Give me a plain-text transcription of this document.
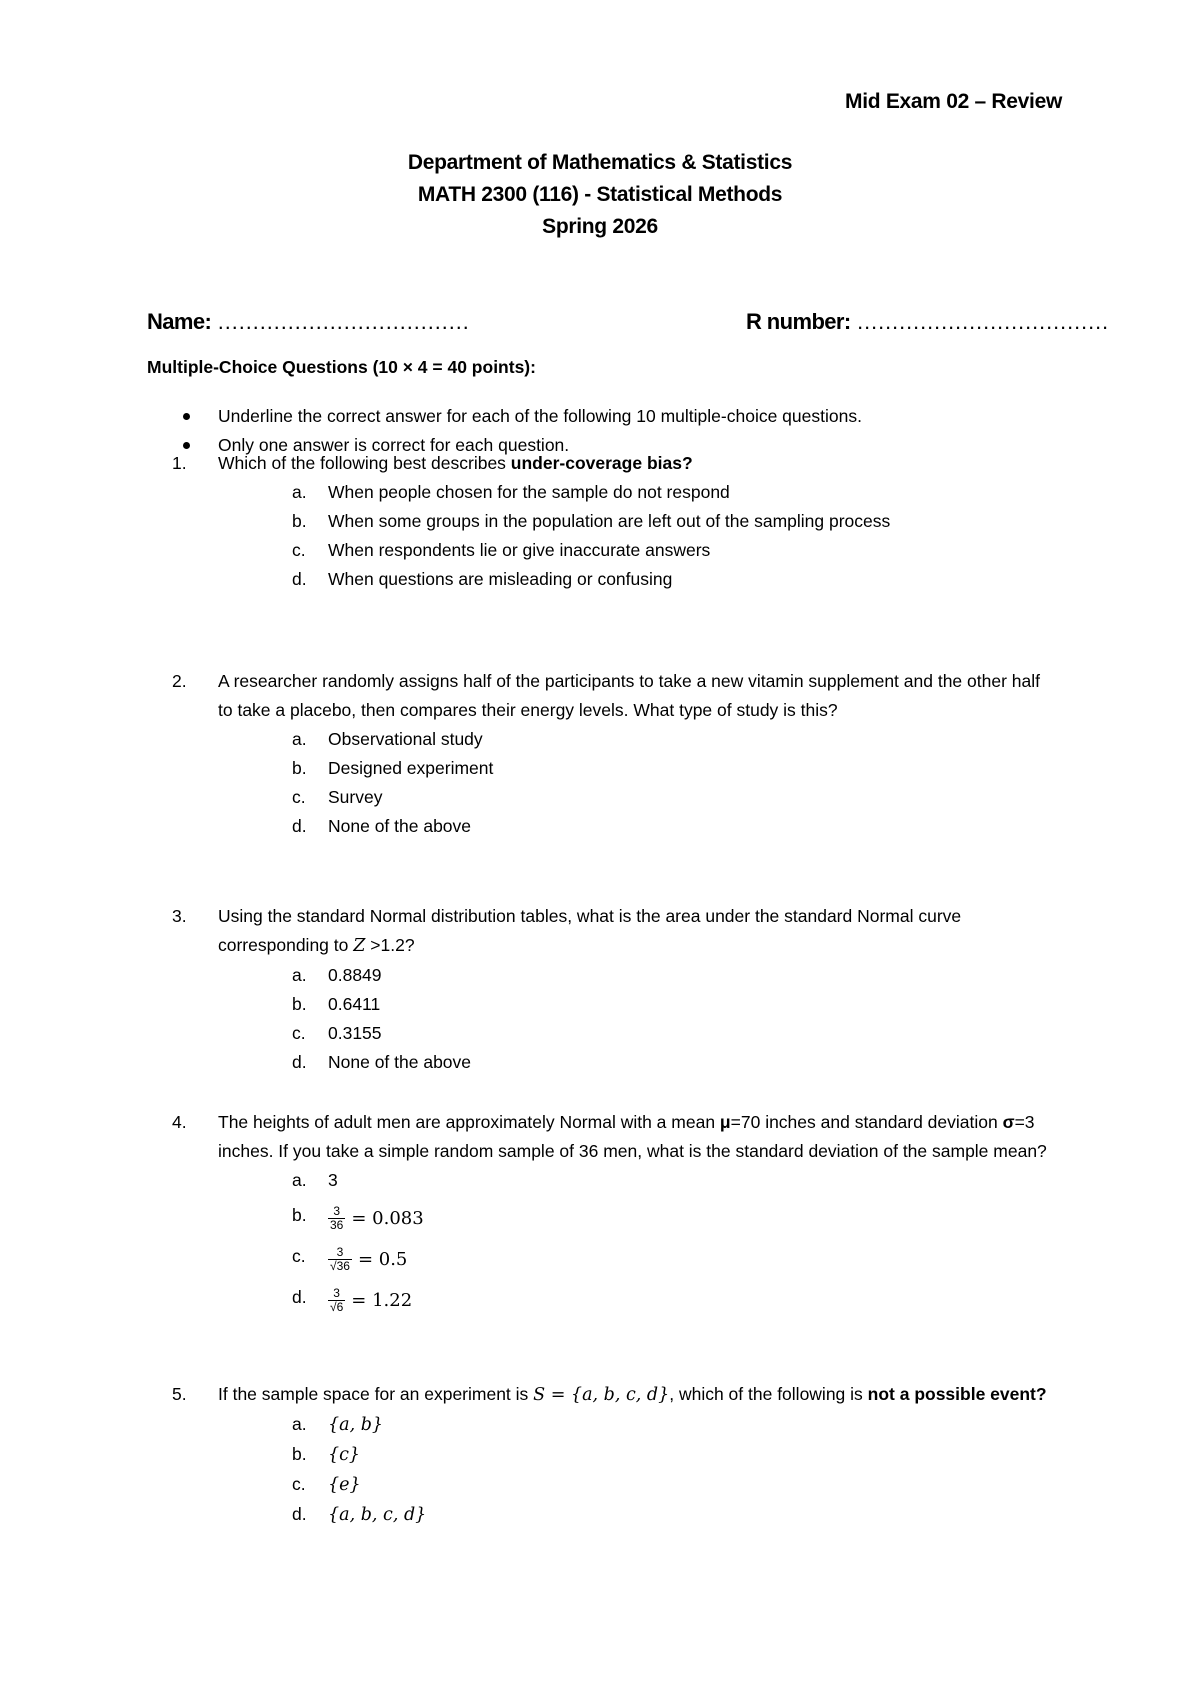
Mid Exam 02 – Review
Department of Mathematics & Statistics
MATH 2300 (116) - Statistical Methods
Spring 2026
Name: ………………………………	R number: ………………………………
Multiple-Choice Questions (10 × 4 = 40 points):
Underline the correct answer for each of the following 10 multiple-choice questions.
Only one answer is correct for each question.
1. Which of the following best describes under-coverage bias?
a. When people chosen for the sample do not respond
b. When some groups in the population are left out of the sampling process
c. When respondents lie or give inaccurate answers
d. When questions are misleading or confusing
2. A researcher randomly assigns half of the participants to take a new vitamin supplement and the other half to take a placebo, then compares their energy levels. What type of study is this?
a. Observational study
b. Designed experiment
c. Survey
d. None of the above
3. Using the standard Normal distribution tables, what is the area under the standard Normal curve corresponding to Z >1.2?
a. 0.8849
b. 0.6411
c. 0.3155
d. None of the above
4. The heights of adult men are approximately Normal with a mean μ=70 inches and standard deviation σ=3 inches. If you take a simple random sample of 36 men, what is the standard deviation of the sample mean?
a. 3
b. $\frac{3}{36} = 0.083$
c. $\frac{3}{√36} = 0.5$
d. $\frac{3}{√6} = 1.22$
5. If the sample space for an experiment is S = {a, b, c, d}, which of the following is not a possible event?
a. {a, b}
b. {c}
c. {e}
d. {a, b, c, d}
